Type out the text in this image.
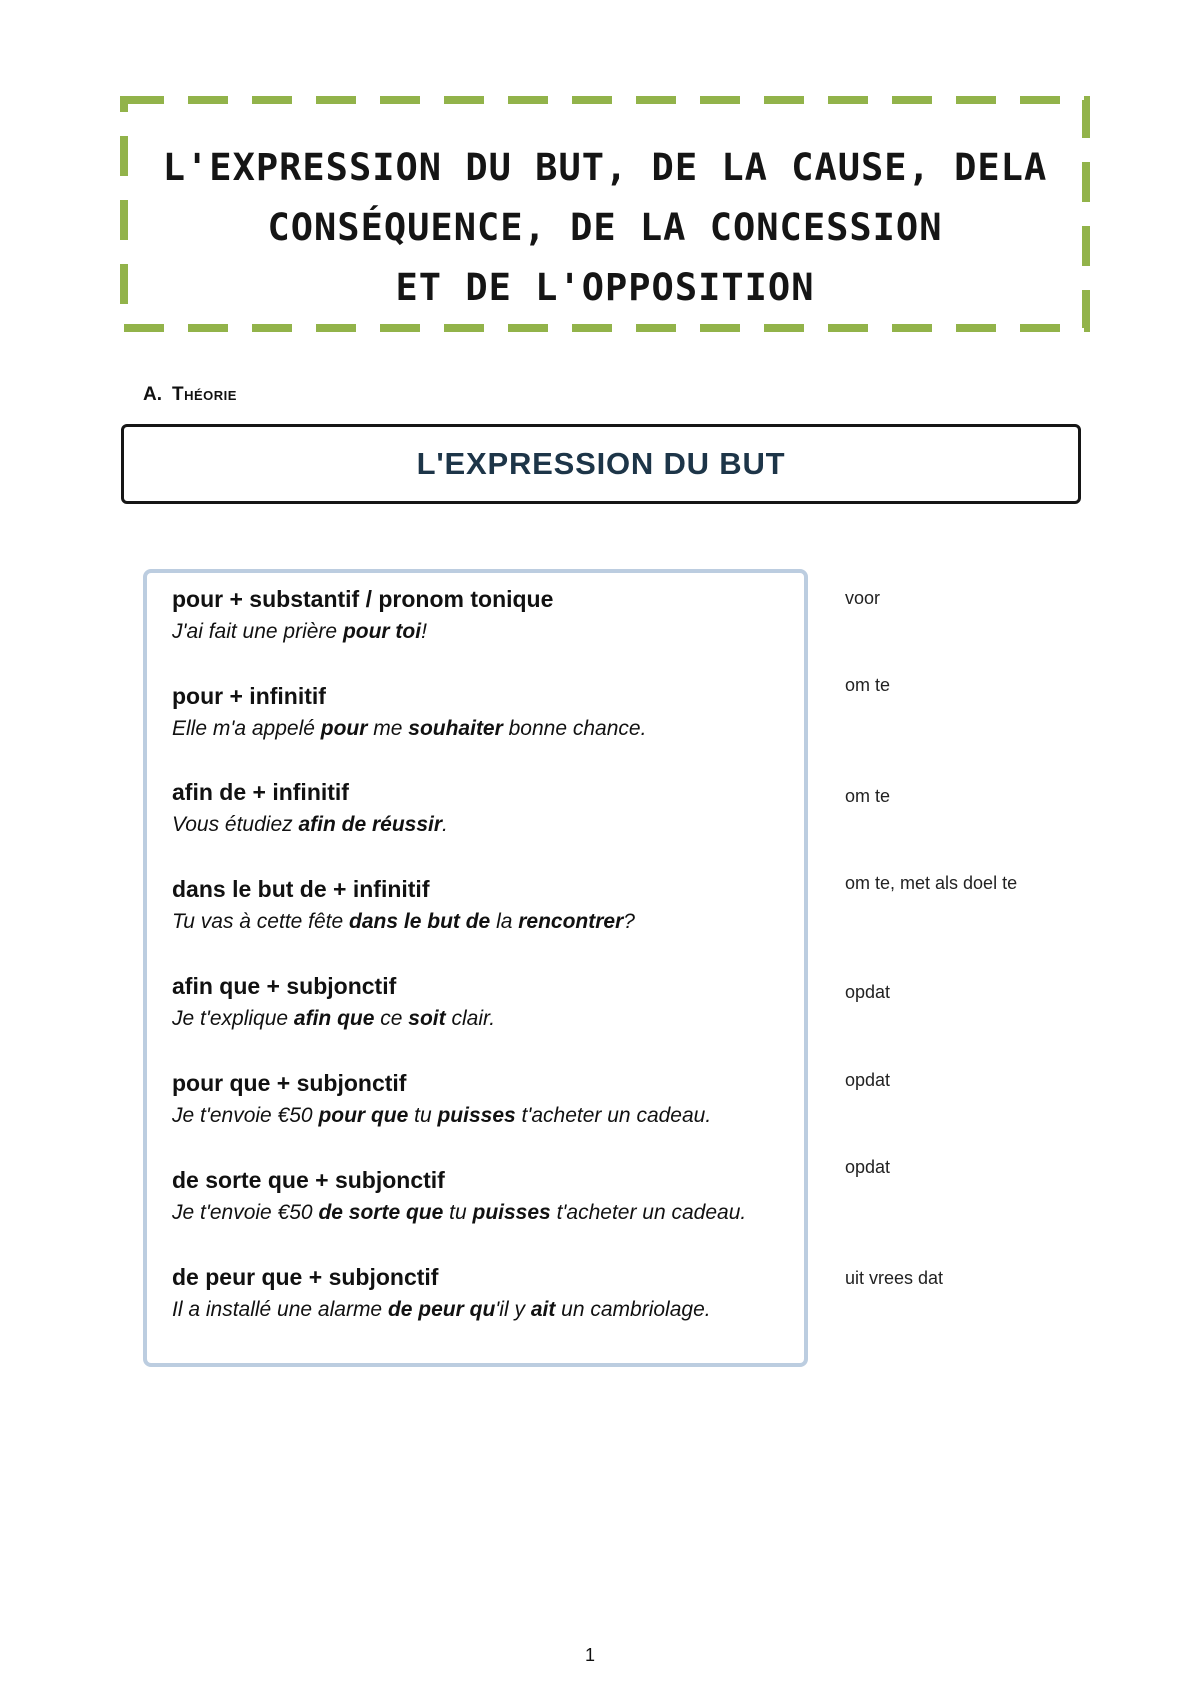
L'EXPRESSION DU BUT, DE LA CAUSE, DELA
CONSÉQUENCE, DE LA CONCESSION
ET DE L'OPPOSITION
A. Théorie
L'EXPRESSION DU BUT
pour + substantif / pronom tonique
J'ai fait une prière pour toi!
voor
pour + infinitif
Elle m'a appelé pour me souhaiter bonne chance.
om te
afin de + infinitif
Vous étudiez afin de réussir.
om te
dans le but de + infinitif
Tu vas à cette fête dans le but de la rencontrer?
om te, met als doel te
afin que + subjonctif
Je t'explique afin que ce soit clair.
opdat
pour que + subjonctif
Je t'envoie €50 pour que tu puisses t'acheter un cadeau.
opdat
de sorte que + subjonctif
Je t'envoie €50 de sorte que tu puisses t'acheter un cadeau.
opdat
de peur que + subjonctif
Il a installé une alarme de peur qu'il y ait un cambriolage.
uit vrees dat
1
